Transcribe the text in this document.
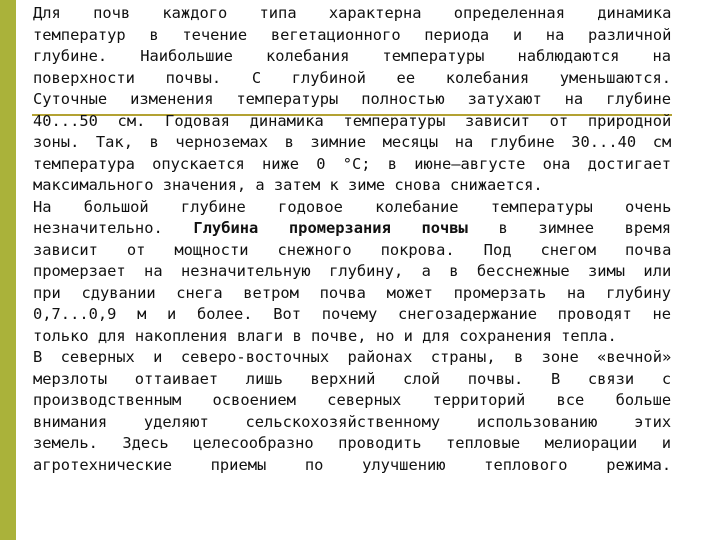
Для почв каждого типа характерна определенная динамика
температур в течение вегетационного периода и на различной
глубине. Наибольшие колебания температуры наблюдаются на
поверхности почвы. С глубиной ее колебания уменьшаются.
Суточные изменения температуры полностью затухают на глубине
40...50 см. Годовая динамика температуры зависит от природной
зоны. Так, в черноземах в зимние месяцы на глубине 30...40 см
температура опускается ниже 0 °С; в июне—августе она достигает
максимального значения, а затем к зиме снова снижается.
На большой глубине годовое колебание температуры очень
незначительно. Глубина промерзания почвы в зимнее время
зависит от мощности снежного покрова. Под снегом почва
промерзает на незначительную глубину, а в бесснежные зимы или
при сдувании снега ветром почва может промерзать на глубину
0,7...0,9 м и более. Вот почему снегозадержание проводят не
только для накопления влаги в почве, но и для сохранения тепла.
В северных и северо-восточных районах страны, в зоне «вечной»
мерзлоты оттаивает лишь верхний слой почвы. В связи с
производственным освоением северных территорий все больше
внимания уделяют сельскохозяйственному использованию этих
земель. Здесь целесообразно проводить тепловые мелиорации и
агротехнические приемы по улучшению теплового режима.
